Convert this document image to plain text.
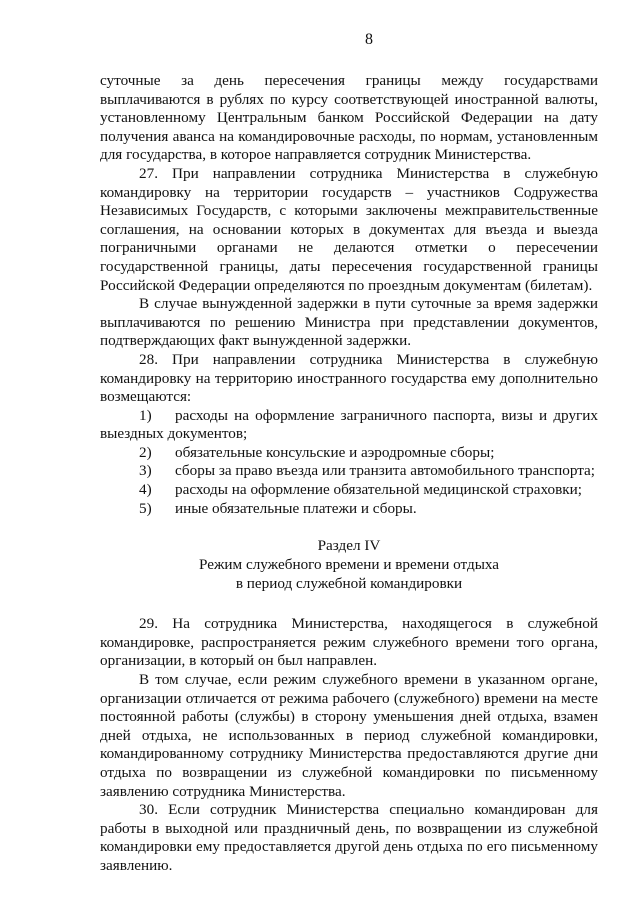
8

суточные за день пересечения границы между государствами выплачиваются в рублях по курсу соответствующей иностранной валюты, установленному Центральным банком Российской Федерации на дату получения аванса на командировочные расходы, по нормам, установленным для государства, в которое направляется сотрудник Министерства.

27. При направлении сотрудника Министерства в служебную командировку на территории государств – участников Содружества Независимых Государств, с которыми заключены межправительственные соглашения, на основании которых в документах для въезда и выезда пограничными органами не делаются отметки о пересечении государственной границы, даты пересечения государственной границы Российской Федерации определяются по проездным документам (билетам).

В случае вынужденной задержки в пути суточные за время задержки выплачиваются по решению Министра при представлении документов, подтверждающих факт вынужденной задержки.

28. При направлении сотрудника Министерства в служебную командировку на территорию иностранного государства ему дополнительно возмещаются:

1) расходы на оформление заграничного паспорта, визы и других выездных документов;

2) обязательные консульские и аэродромные сборы;

3) сборы за право въезда или транзита автомобильного транспорта;

4) расходы на оформление обязательной медицинской страховки;

5) иные обязательные платежи и сборы.

Раздел IV

Режим служебного времени и времени отдыха

в период служебной командировки

29. На сотрудника Министерства, находящегося в служебной командировке, распространяется режим служебного времени того органа, организации, в который он был направлен.

В том случае, если режим служебного времени в указанном органе, организации отличается от режима рабочего (служебного) времени на месте постоянной работы (службы) в сторону уменьшения дней отдыха, взамен дней отдыха, не использованных в период служебной командировки, командированному сотруднику Министерства предоставляются другие дни отдыха по возвращении из служебной командировки по письменному заявлению сотрудника Министерства.

30. Если сотрудник Министерства специально командирован для работы в выходной или праздничный день, по возвращении из служебной командировки ему предоставляется другой день отдыха по его письменному заявлению.
